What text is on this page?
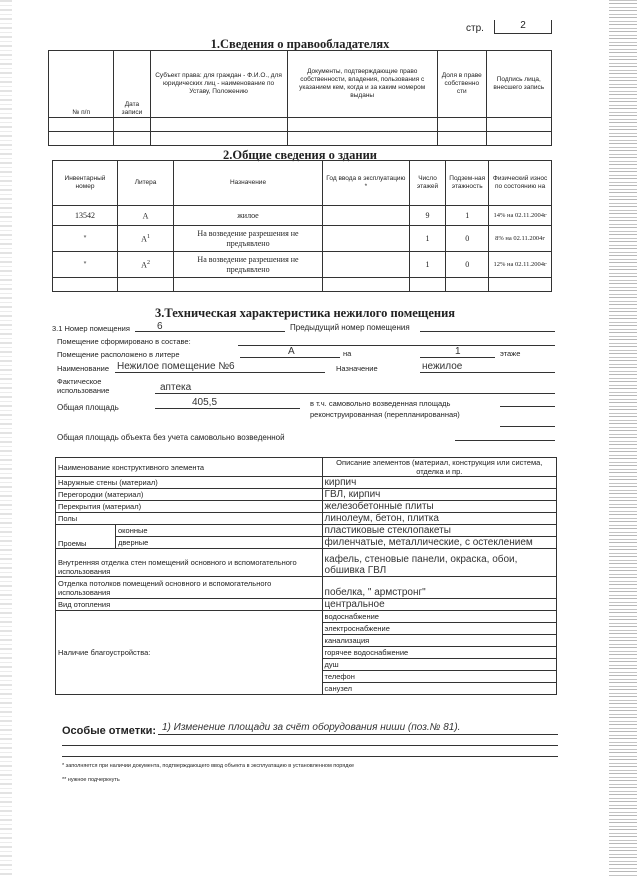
стр.	2
1.Сведения о правообладателях
№ п/п	Дата записи	Субъект права: для граждан - Ф.И.О., для юридических лиц - наименование по Уставу, Положению	Документы, подтверждающие право собственности, владения, пользования с указанием кем, когда и за каким номером выданы	Доля в праве собственно сти	Подпись лица, внесшего запись

2.Общие сведения о здании
Инвентарный номер	Литера	Назначение	Год ввода в эксплуатацию *	Число этажей	Подзем-ная этажность	Физический износ по состоянию на
13542	А	жилое		9	1	14% на 02.11.2004г
"	$А^1$	На возведение разрешения не предъявлено		1	0	8% на 02.11.2004г
"	$А^2$	На возведение разрешения не предъявлено		1	0	12% на 02.11.2004г

3.Техническая характеристика нежилого помещения
3.1 Номер помещения	6	Предыдущий номер помещения
Помещение сформировано в составе:
Помещение расположено в литере	А	на	1	этаже
Наименование Нежилое помещение №6	Назначение	нежилое
Фактическое использование	аптека
Общая площадь	405,5	в т.ч. самовольно возведенная площадь
реконструированная (перепланированная)
Общая площадь объекта без учета самовольно возведенной
Наименование конструктивного элемента		Описание элементов (материал, конструкция или система, отделка и пр.
Наружные стены (материал)		кирпич
Перегородки (материал)		ГВЛ, кирпич
Перекрытия (материал)		железобетонные плиты
Полы		линолеум, бетон, плитка
Проемы	оконные	пластиковые стеклопакеты
	дверные	филенчатые, металлические, с остеклением
Внутренняя отделка стен помещений основного и вспомогательного использования		кафель, стеновые панели, окраска, обои, обшивка ГВЛ
Отделка потолков помещений основного и вспомогательного использования		побелка, " армстронг"
Вид отопления		центральное
Наличие благоустройства:		водоснабжение
		электроснабжение
		канализация
		горячее водоснабжение
		душ
		телефон
		санузел
Особые отметки: 1) Изменение площади за счёт оборудования ниши (поз.№ 81).
* заполняется при наличии документа, подтверждающего ввод объекта в эксплуатацию в установленном порядке
** нужное подчеркнуть
